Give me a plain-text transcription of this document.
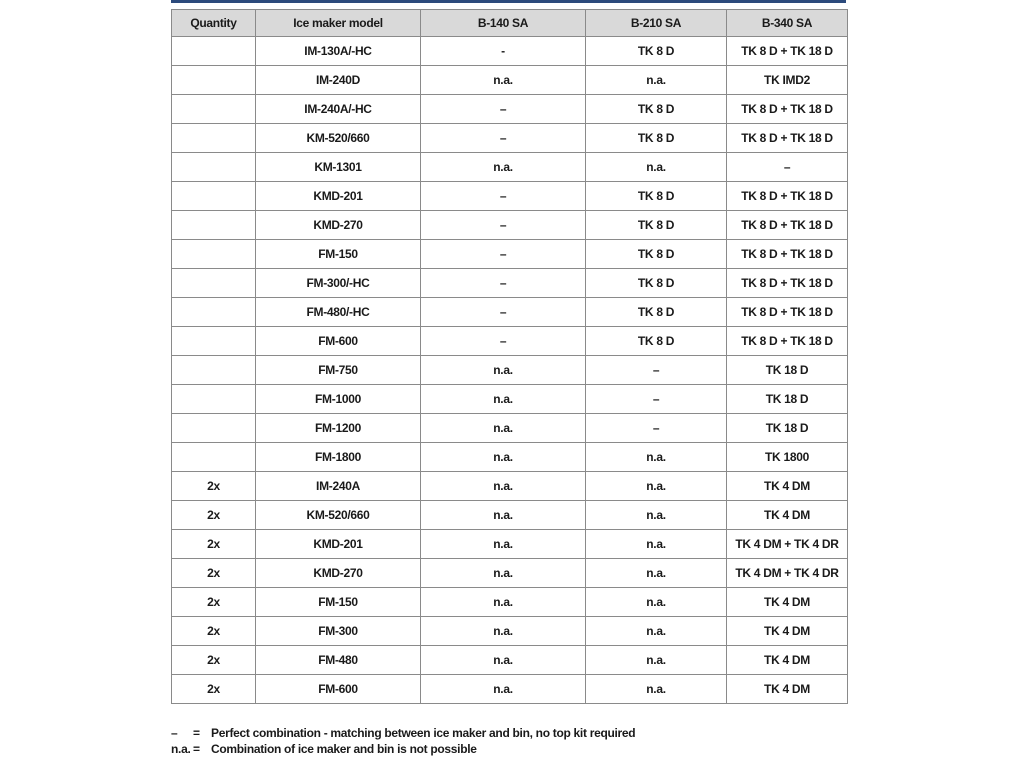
Quantity	Ice maker model	B-140 SA	B-210 SA	B-340 SA
	IM-130A/-HC	-	TK 8 D	TK 8 D + TK 18 D
	IM-240D	n.a.	n.a.	TK IMD2
	IM-240A/-HC	–	TK 8 D	TK 8 D + TK 18 D
	KM-520/660	–	TK 8 D	TK 8 D + TK 18 D
	KM-1301	n.a.	n.a.	–
	KMD-201	–	TK 8 D	TK 8 D + TK 18 D
	KMD-270	–	TK 8 D	TK 8 D + TK 18 D
	FM-150	–	TK 8 D	TK 8 D + TK 18 D
	FM-300/-HC	–	TK 8 D	TK 8 D + TK 18 D
	FM-480/-HC	–	TK 8 D	TK 8 D + TK 18 D
	FM-600	–	TK 8 D	TK 8 D + TK 18 D
	FM-750	n.a.	–	TK 18 D
	FM-1000	n.a.	–	TK 18 D
	FM-1200	n.a.	–	TK 18 D
	FM-1800	n.a.	n.a.	TK 1800
2x	IM-240A	n.a.	n.a.	TK 4 DM
2x	KM-520/660	n.a.	n.a.	TK 4 DM
2x	KMD-201	n.a.	n.a.	TK 4 DM + TK 4 DR
2x	KMD-270	n.a.	n.a.	TK 4 DM + TK 4 DR
2x	FM-150	n.a.	n.a.	TK 4 DM
2x	FM-300	n.a.	n.a.	TK 4 DM
2x	FM-480	n.a.	n.a.	TK 4 DM
2x	FM-600	n.a.	n.a.	TK 4 DM
– = Perfect combination - matching between ice maker and bin, no top kit required
n.a. = Combination of ice maker and bin is not possible
